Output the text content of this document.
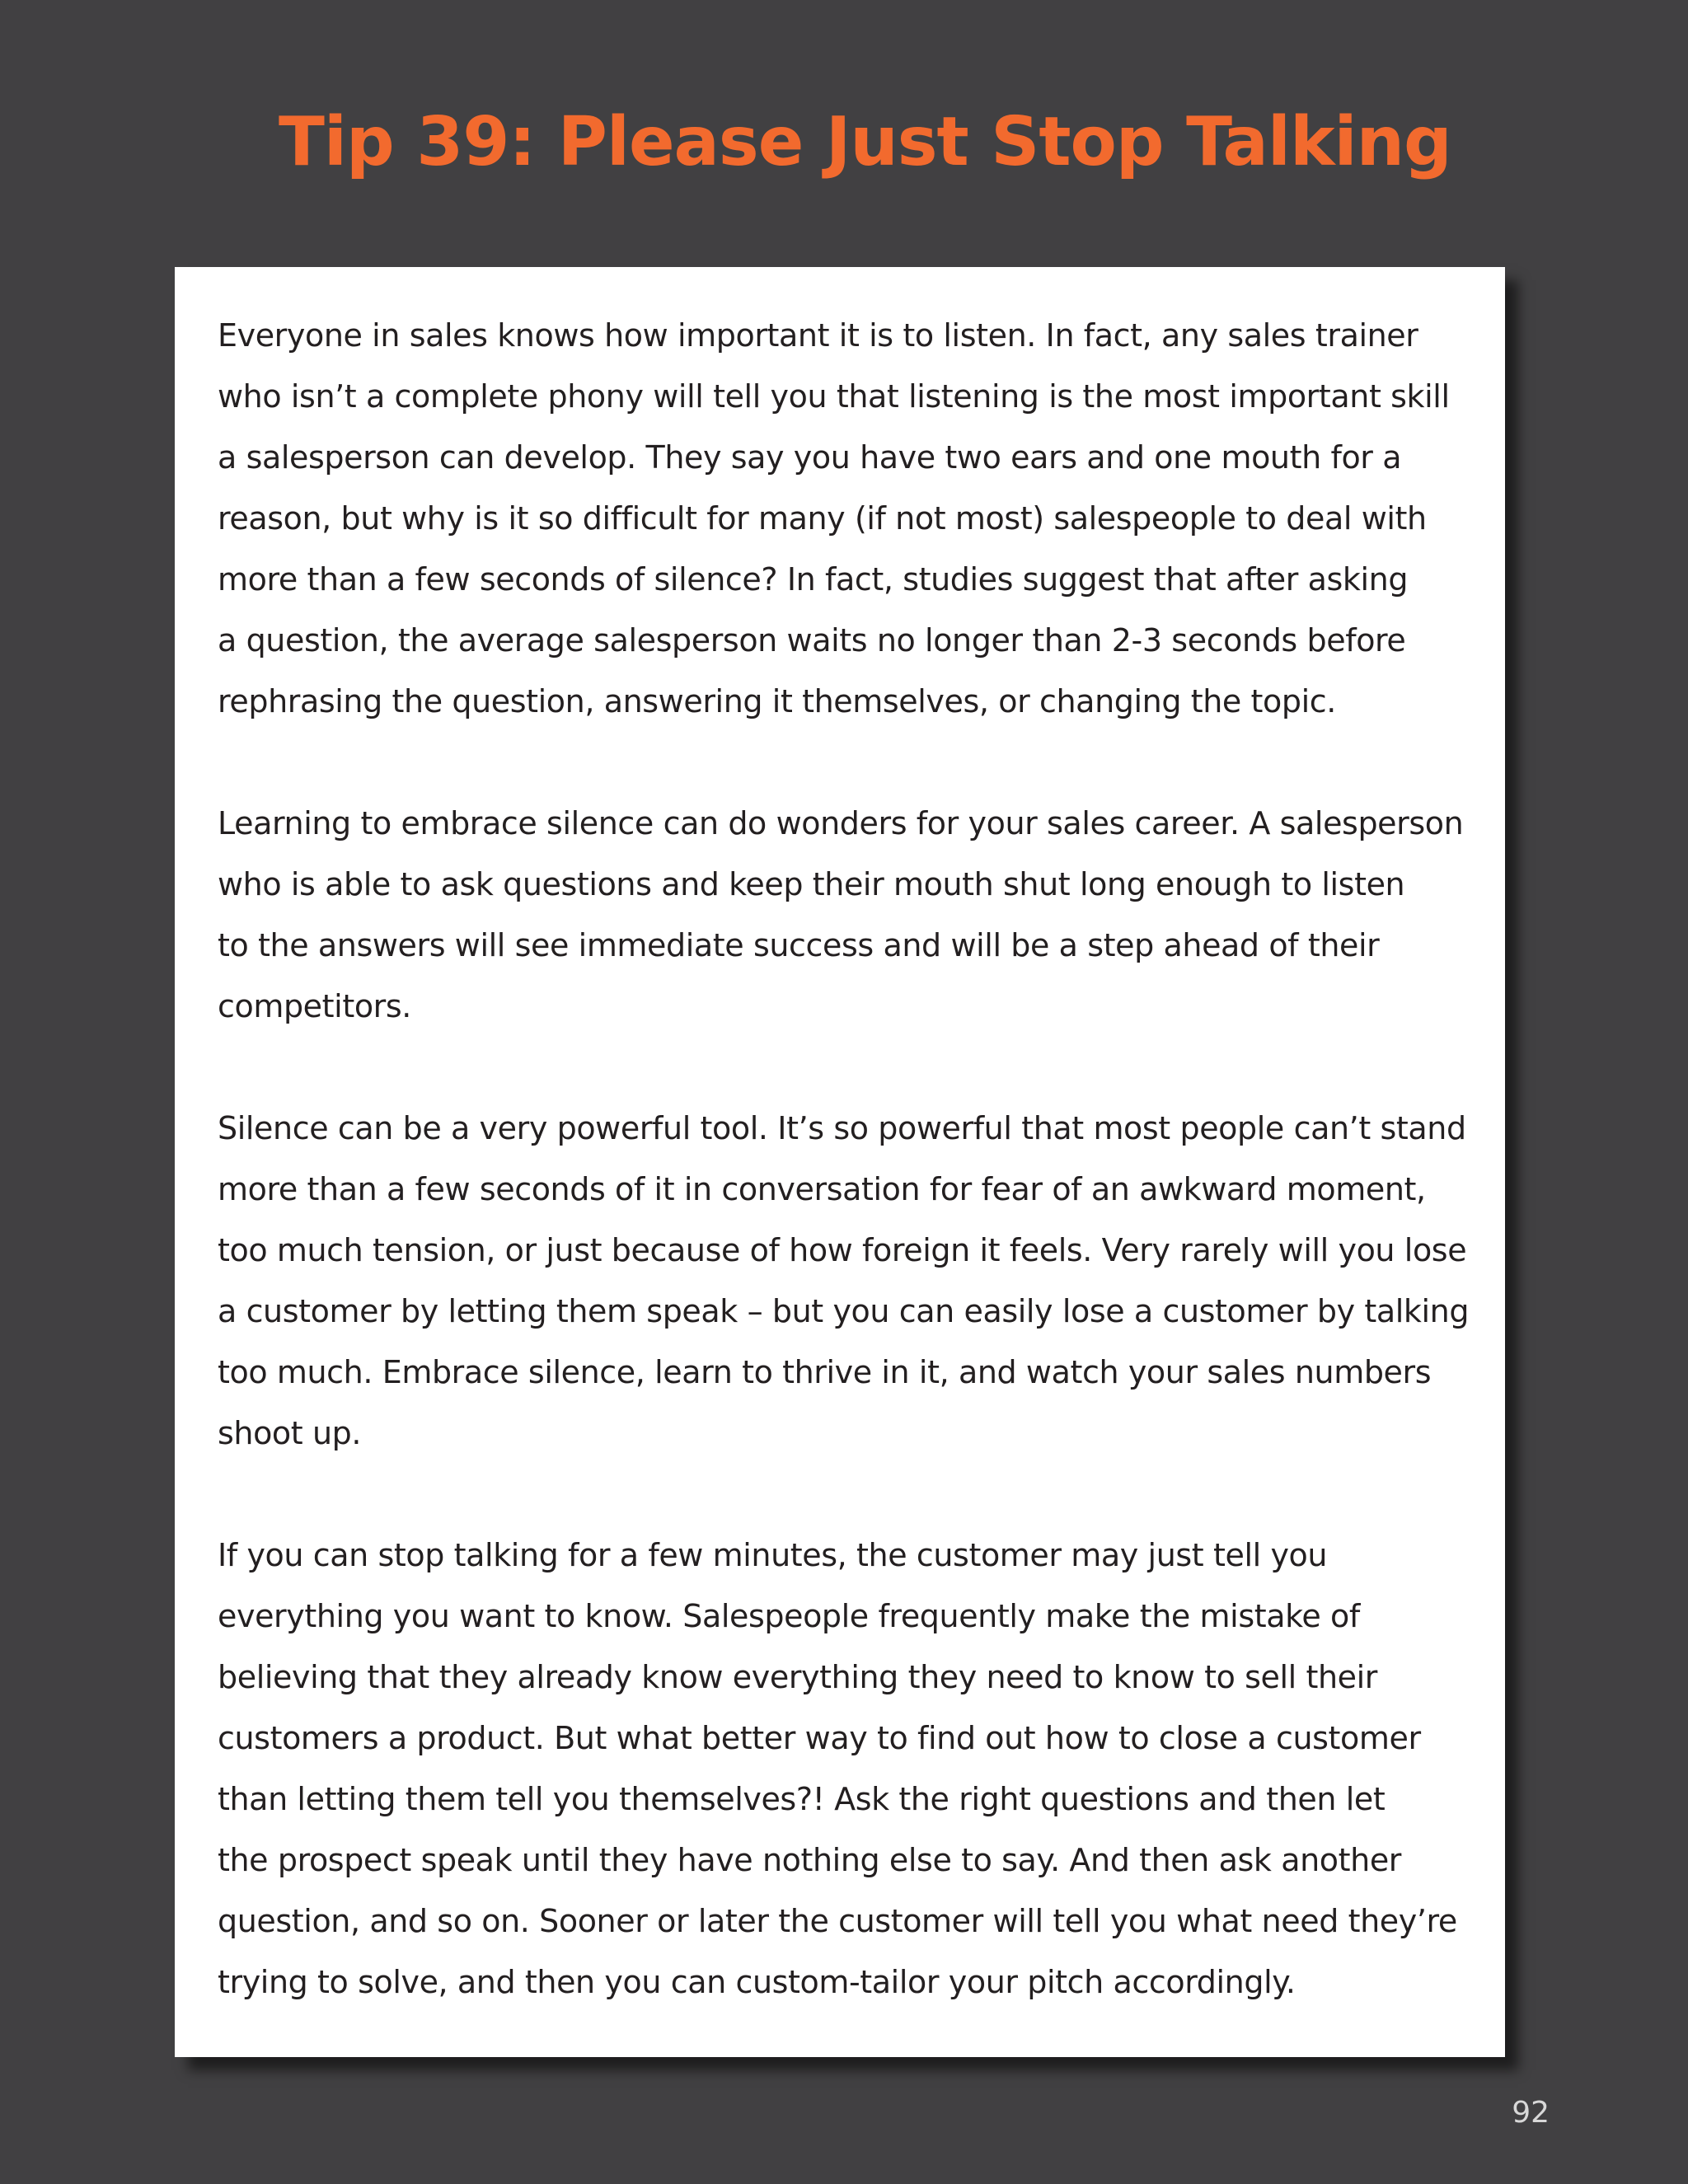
Tip 39: Please Just Stop Talking

Everyone in sales knows how important it is to listen. In fact, any sales trainer
who isn’t a complete phony will tell you that listening is the most important skill
a salesperson can develop. They say you have two ears and one mouth for a
reason, but why is it so difficult for many (if not most) salespeople to deal with
more than a few seconds of silence? In fact, studies suggest that after asking
a question, the average salesperson waits no longer than 2-3 seconds before
rephrasing the question, answering it themselves, or changing the topic.

Learning to embrace silence can do wonders for your sales career. A salesperson
who is able to ask questions and keep their mouth shut long enough to listen
to the answers will see immediate success and will be a step ahead of their
competitors.

Silence can be a very powerful tool. It’s so powerful that most people can’t stand
more than a few seconds of it in conversation for fear of an awkward moment,
too much tension, or just because of how foreign it feels. Very rarely will you lose
a customer by letting them speak – but you can easily lose a customer by talking
too much. Embrace silence, learn to thrive in it, and watch your sales numbers
shoot up.

If you can stop talking for a few minutes, the customer may just tell you
everything you want to know. Salespeople frequently make the mistake of
believing that they already know everything they need to know to sell their
customers a product. But what better way to find out how to close a customer
than letting them tell you themselves?! Ask the right questions and then let
the prospect speak until they have nothing else to say. And then ask another
question, and so on. Sooner or later the customer will tell you what need they’re
trying to solve, and then you can custom-tailor your pitch accordingly.

92
